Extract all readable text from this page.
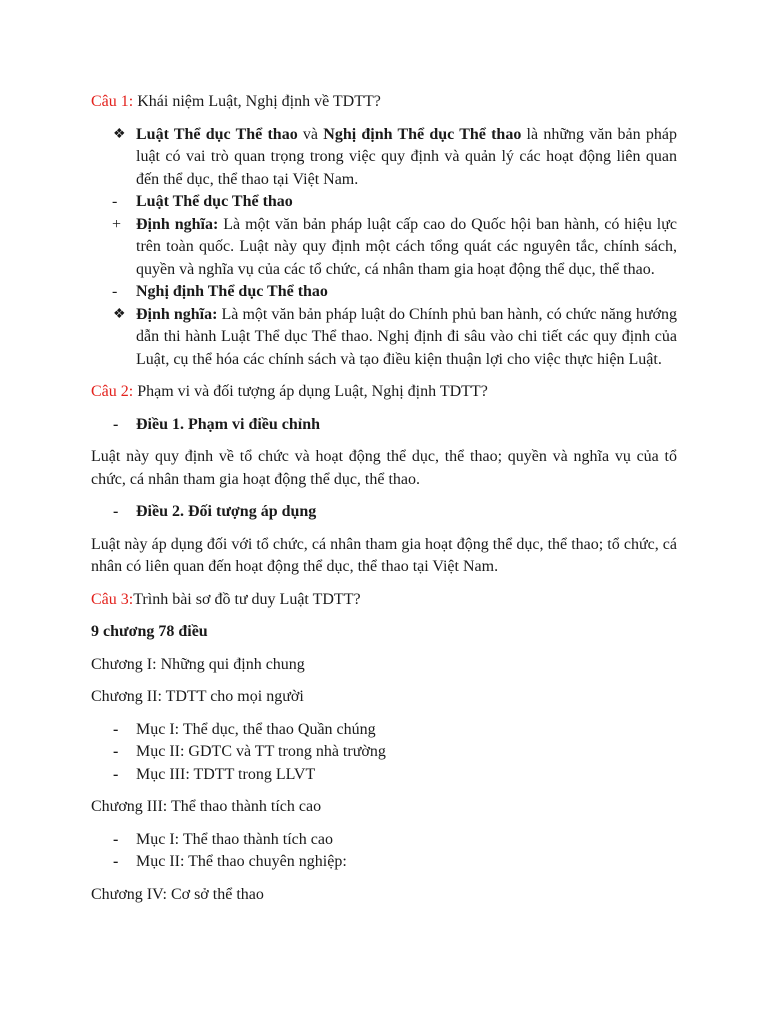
Câu 1: Khái niệm Luật, Nghị định về TDTT?

❖ Luật Thể dục Thể thao và Nghị định Thể dục Thể thao là những văn bản pháp luật có vai trò quan trọng trong việc quy định và quản lý các hoạt động liên quan đến thể dục, thể thao tại Việt Nam.
-	Luật Thể dục Thể thao
+ Định nghĩa: Là một văn bản pháp luật cấp cao do Quốc hội ban hành, có hiệu lực trên toàn quốc. Luật này quy định một cách tổng quát các nguyên tắc, chính sách, quyền và nghĩa vụ của các tổ chức, cá nhân tham gia hoạt động thể dục, thể thao.
-	Nghị định Thể dục Thể thao
❖ Định nghĩa: Là một văn bản pháp luật do Chính phủ ban hành, có chức năng hướng dẫn thi hành Luật Thể dục Thể thao. Nghị định đi sâu vào chi tiết các quy định của Luật, cụ thể hóa các chính sách và tạo điều kiện thuận lợi cho việc thực hiện Luật.

Câu 2: Phạm vi và đối tượng áp dụng Luật, Nghị định TDTT?

- Điều 1. Phạm vi điều chỉnh

Luật này quy định về tổ chức và hoạt động thể dục, thể thao; quyền và nghĩa vụ của tổ chức, cá nhân tham gia hoạt động thể dục, thể thao.

- Điều 2. Đối tượng áp dụng

Luật này áp dụng đối với tổ chức, cá nhân tham gia hoạt động thể dục, thể thao; tổ chức, cá nhân có liên quan đến hoạt động thể dục, thể thao tại Việt Nam.

Câu 3:Trình bài sơ đồ tư duy Luật TDTT?

9 chương 78 điều

Chương I: Những qui định chung

Chương II: TDTT cho mọi người

- Mục I: Thể dục, thể thao Quần chúng
- Mục II: GDTC và TT trong nhà trường
- Mục III: TDTT trong LLVT

Chương III: Thể thao thành tích cao

- Mục I: Thể thao thành tích cao
- Mục II: Thể thao chuyên nghiệp:

Chương IV: Cơ sở thể thao
